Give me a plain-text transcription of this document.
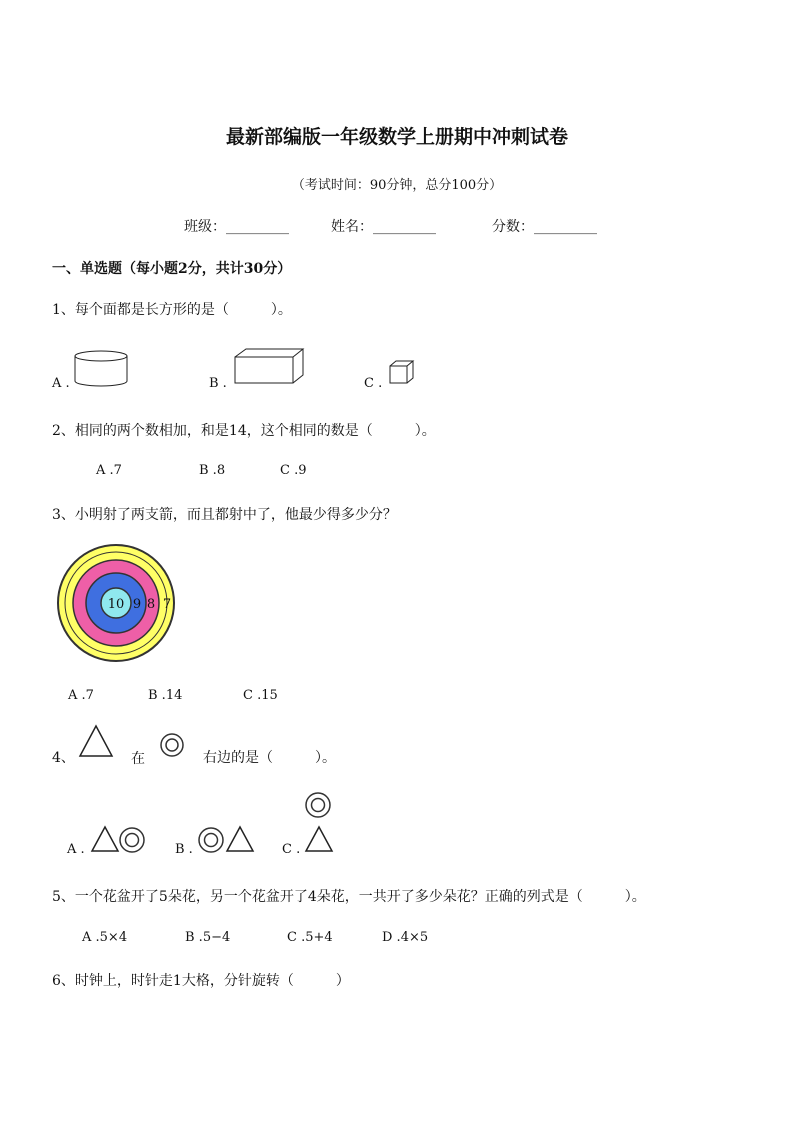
最新部编版一年级数学上册期中冲刺试卷
（考试时间：90分钟，总分100分）
班级：_________	姓名：_________	分数：_________
一、单选题（每小题2分，共计30分）
1、每个面都是长方形的是（　　　）。
A .	B .	C .
2、相同的两个数相加，和是14，这个相同的数是（　　　）。
A .7	B .8	C .9
3、小明射了两支箭，而且都射中了，他最少得多少分？
10 9 8 7
A .7	B .14	C .15
4、	在	右边的是（　　　）。
A .	B .	C .
5、一个花盆开了5朵花，另一个花盆开了4朵花，一共开了多少朵花？正确的列式是（　　　）。
A .5×4	B .5−4	C .5+4	D .4×5
6、时钟上，时针走1大格，分针旋转（　　　）
